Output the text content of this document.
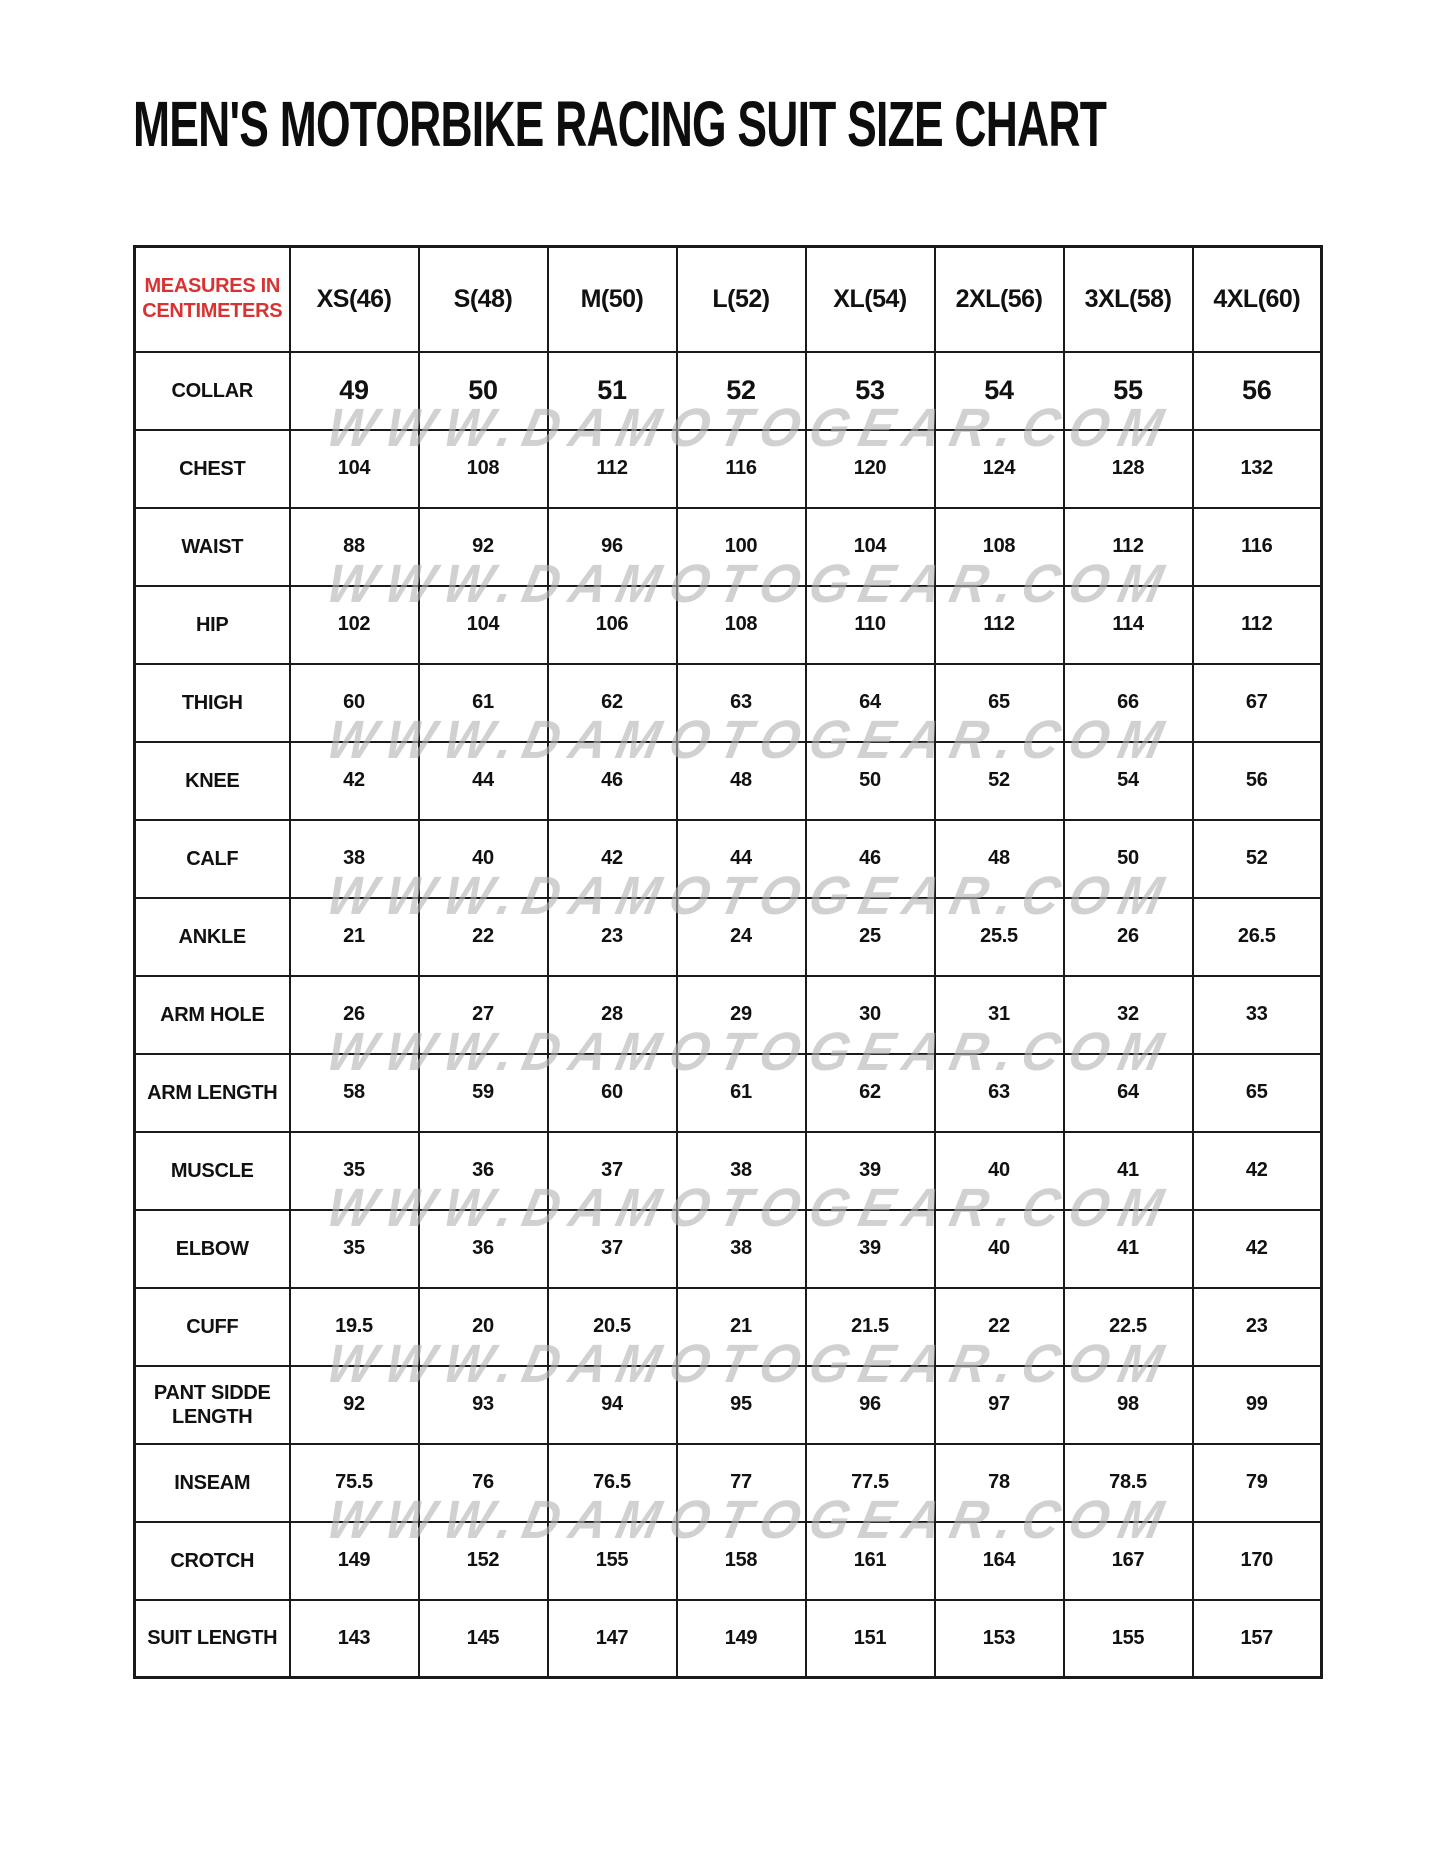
MEN'S MOTORBIKE RACING SUIT SIZE CHART
MEASURES IN CENTIMETERS	XS(46)	S(48)	M(50)	L(52)	XL(54)	2XL(56)	3XL(58)	4XL(60)
COLLAR	49	50	51	52	53	54	55	56
CHEST	104	108	112	116	120	124	128	132
WAIST	88	92	96	100	104	108	112	116
HIP	102	104	106	108	110	112	114	112
THIGH	60	61	62	63	64	65	66	67
KNEE	42	44	46	48	50	52	54	56
CALF	38	40	42	44	46	48	50	52
ANKLE	21	22	23	24	25	25.5	26	26.5
ARM HOLE	26	27	28	29	30	31	32	33
ARM LENGTH	58	59	60	61	62	63	64	65
MUSCLE	35	36	37	38	39	40	41	42
ELBOW	35	36	37	38	39	40	41	42
CUFF	19.5	20	20.5	21	21.5	22	22.5	23
PANT SIDDE LENGTH	92	93	94	95	96	97	98	99
INSEAM	75.5	76	76.5	77	77.5	78	78.5	79
CROTCH	149	152	155	158	161	164	167	170
SUIT LENGTH	143	145	147	149	151	153	155	157
WWW.DAMOTOGEAR.COM
WWW.DAMOTOGEAR.COM
WWW.DAMOTOGEAR.COM
WWW.DAMOTOGEAR.COM
WWW.DAMOTOGEAR.COM
WWW.DAMOTOGEAR.COM
WWW.DAMOTOGEAR.COM
WWW.DAMOTOGEAR.COM
